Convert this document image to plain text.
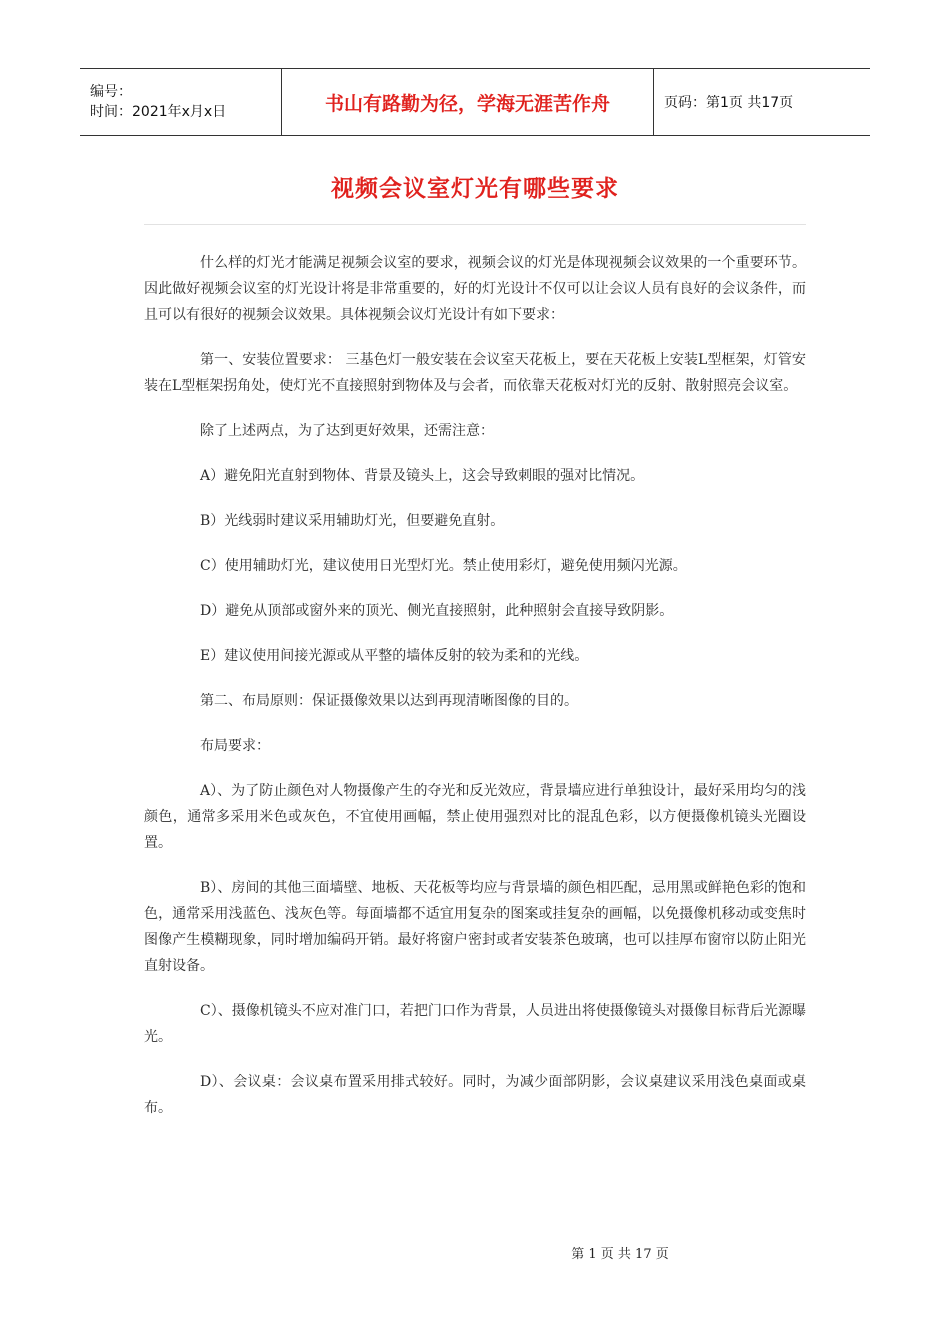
编号：
时间：2021年x月x日	书山有路勤为径，学海无涯苦作舟	页码：第1页 共17页
视频会议室灯光有哪些要求

什么样的灯光才能满足视频会议室的要求，视频会议的灯光是体现视频会议效果的一个重要环节。因此做好视频会议室的灯光设计将是非常重要的，好的灯光设计不仅可以让会议人员有良好的会议条件，而且可以有很好的视频会议效果。具体视频会议灯光设计有如下要求：

第一、安装位置要求： 三基色灯一般安装在会议室天花板上，要在天花板上安装L型框架，灯管安装在L型框架拐角处，使灯光不直接照射到物体及与会者，而依靠天花板对灯光的反射、散射照亮会议室。

除了上述两点，为了达到更好效果，还需注意：

A）避免阳光直射到物体、背景及镜头上，这会导致刺眼的强对比情况。

B）光线弱时建议采用辅助灯光，但要避免直射。

C）使用辅助灯光，建议使用日光型灯光。禁止使用彩灯，避免使用频闪光源。

D）避免从顶部或窗外来的顶光、侧光直接照射，此种照射会直接导致阴影。

E）建议使用间接光源或从平整的墙体反射的较为柔和的光线。

第二、布局原则：保证摄像效果以达到再现清晰图像的目的。

布局要求：

A）、为了防止颜色对人物摄像产生的夺光和反光效应，背景墙应进行单独设计，最好采用均匀的浅颜色，通常多采用米色或灰色，不宜使用画幅，禁止使用强烈对比的混乱色彩，以方便摄像机镜头光圈设置。

B）、房间的其他三面墙壁、地板、天花板等均应与背景墙的颜色相匹配，忌用黑或鲜艳色彩的饱和色，通常采用浅蓝色、浅灰色等。每面墙都不适宜用复杂的图案或挂复杂的画幅，以免摄像机移动或变焦时图像产生模糊现象，同时增加编码开销。最好将窗户密封或者安装茶色玻璃，也可以挂厚布窗帘以防止阳光直射设备。

C）、摄像机镜头不应对准门口，若把门口作为背景，人员进出将使摄像镜头对摄像目标背后光源曝光。

D）、会议桌：会议桌布置采用排式较好。同时，为减少面部阴影，会议桌建议采用浅色桌面或桌布。

第 1 页 共 17 页
